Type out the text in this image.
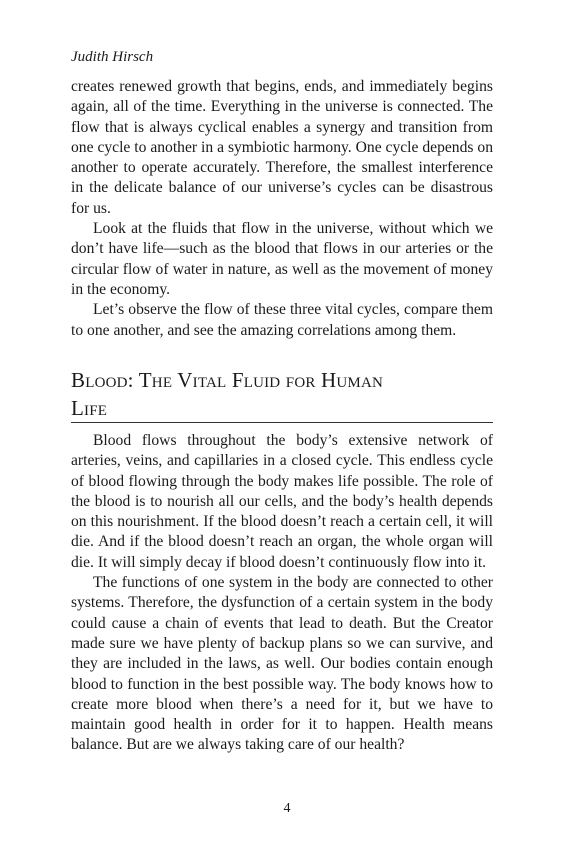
Judith Hirsch

creates renewed growth that begins, ends, and immediately begins again, all of the time. Everything in the universe is connected. The flow that is always cyclical enables a synergy and transition from one cycle to another in a symbiotic harmony. One cycle depends on another to operate accurately. Therefore, the smallest interference in the delicate balance of our universe’s cycles can be disastrous for us.

Look at the fluids that flow in the universe, without which we don’t have life—such as the blood that flows in our arteries or the circular flow of water in nature, as well as the movement of money in the economy.

Let’s observe the flow of these three vital cycles, compare them to one another, and see the amazing correlations among them.

Blood: The Vital Fluid for Human
Life

Blood flows throughout the body’s extensive network of arteries, veins, and capillaries in a closed cycle. This endless cycle of blood flowing through the body makes life possible. The role of the blood is to nourish all our cells, and the body’s health depends on this nourishment. If the blood doesn’t reach a certain cell, it will die. And if the blood doesn’t reach an organ, the whole organ will die. It will simply decay if blood doesn’t continuously flow into it.

The functions of one system in the body are connected to other systems. Therefore, the dysfunction of a certain system in the body could cause a chain of events that lead to death. But the Creator made sure we have plenty of backup plans so we can survive, and they are included in the laws, as well. Our bodies contain enough blood to function in the best possible way. The body knows how to create more blood when there’s a need for it, but we have to maintain good health in order for it to happen. Health means balance. But are we always taking care of our health?

4
